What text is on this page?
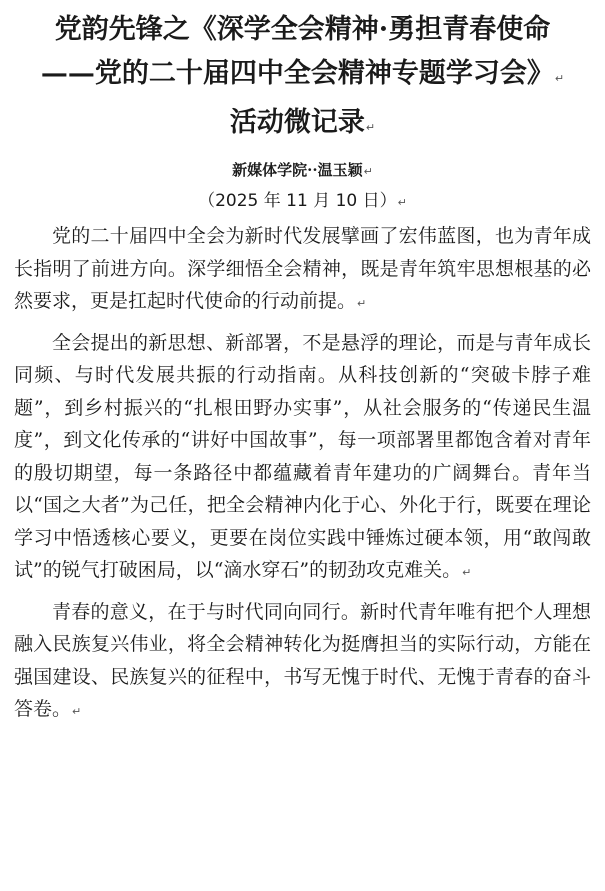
党韵先锋之《深学全会精神·勇担青春使命
——党的二十届四中全会精神专题学习会》↵
活动微记录↵
新媒体学院··温玉颖↵
（2025 年 11 月 10 日）↵

党的二十届四中全会为新时代发展擘画了宏伟蓝图，也为青年成长指明了前进方向。深学细悟全会精神，既是青年筑牢思想根基的必然要求，更是扛起时代使命的行动前提。↵

全会提出的新思想、新部署，不是悬浮的理论，而是与青年成长同频、与时代发展共振的行动指南。从科技创新的“突破卡脖子难题”，到乡村振兴的“扎根田野办实事”，从社会服务的“传递民生温度”，到文化传承的“讲好中国故事”，每一项部署里都饱含着对青年的殷切期望，每一条路径中都蕴藏着青年建功的广阔舞台。青年当以“国之大者”为己任，把全会精神内化于心、外化于行，既要在理论学习中悟透核心要义，更要在岗位实践中锤炼过硬本领，用“敢闯敢试”的锐气打破困局，以“滴水穿石”的韧劲攻克难关。↵

青春的意义，在于与时代同向同行。新时代青年唯有把个人理想融入民族复兴伟业，将全会精神转化为挺膺担当的实际行动，方能在强国建设、民族复兴的征程中，书写无愧于时代、无愧于青春的奋斗答卷。↵
